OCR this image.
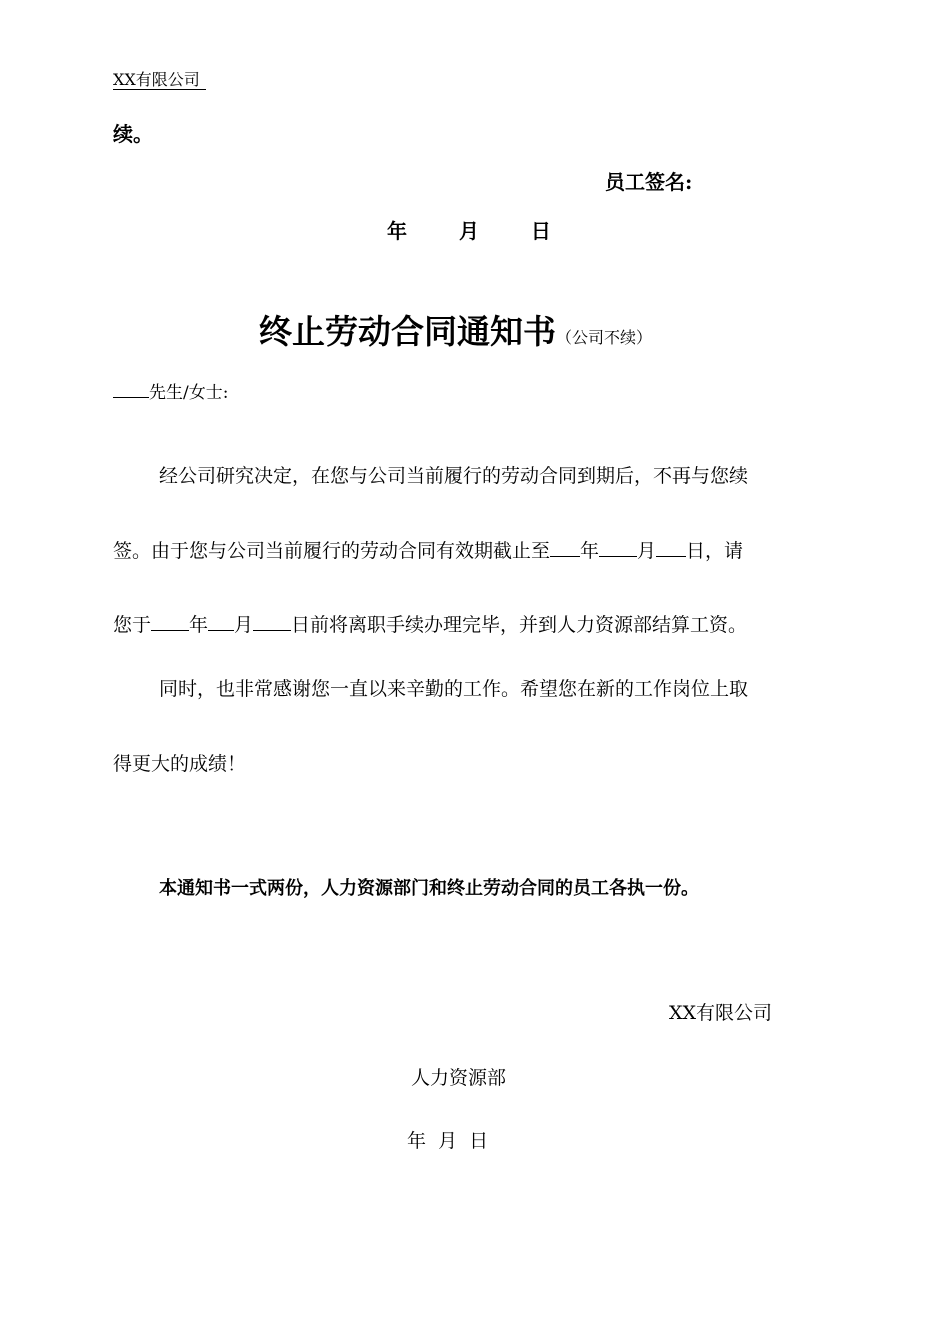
XX有限公司
续。
员工签名:
年	月	日
终止劳动合同通知书（公司不续）
先生/女士:
经公司研究决定，在您与公司当前履行的劳动合同到期后，不再与您续
签。由于您与公司当前履行的劳动合同有效期截止至 年 月 日，请
您于 年 月 日前将离职手续办理完毕，并到人力资源部结算工资。
同时，也非常感谢您一直以来辛勤的工作。希望您在新的工作岗位上取
得更大的成绩！
本通知书一式两份，人力资源部门和终止劳动合同的员工各执一份。
XX有限公司
人力资源部
年  月  日
